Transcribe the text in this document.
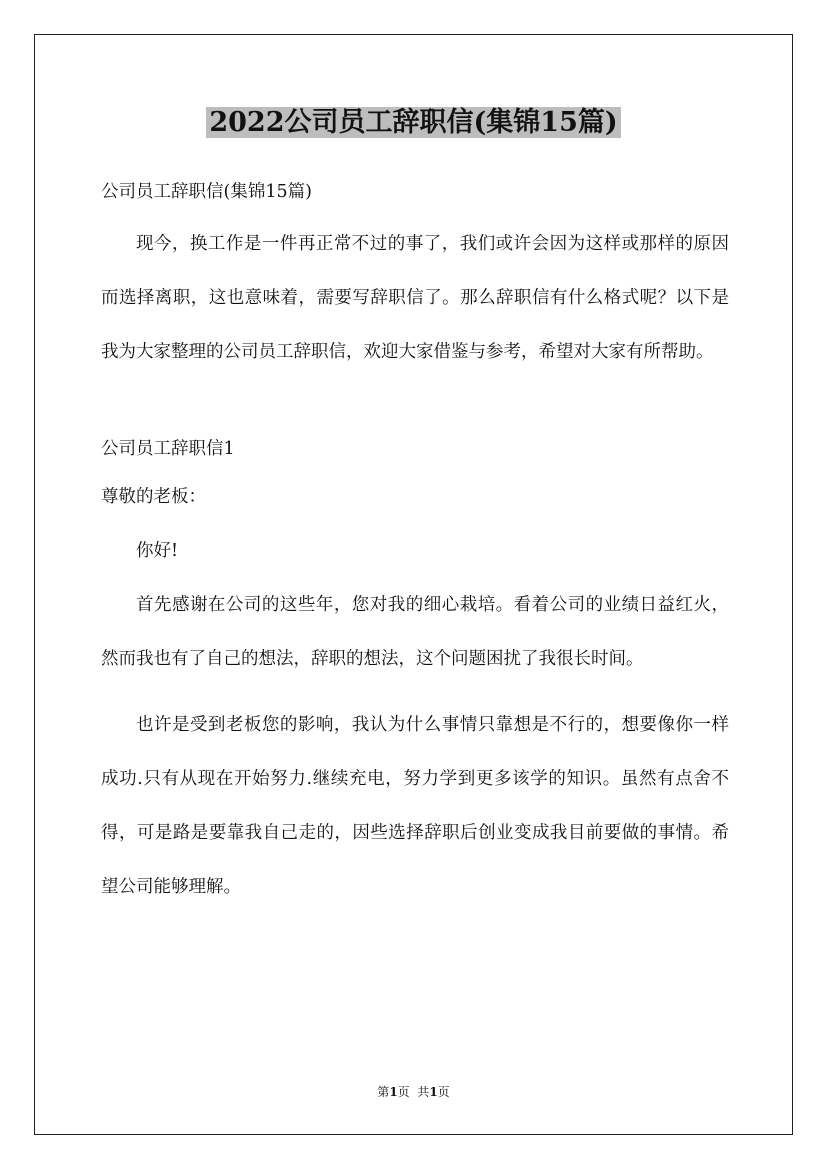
2022公司员工辞职信(集锦15篇)
公司员工辞职信(集锦15篇)
现今，换工作是一件再正常不过的事了，我们或许会因为这样或那样的原因而选择离职，这也意味着，需要写辞职信了。那么辞职信有什么格式呢？以下是我为大家整理的公司员工辞职信，欢迎大家借鉴与参考，希望对大家有所帮助。
公司员工辞职信1
尊敬的老板：
你好!
首先感谢在公司的这些年，您对我的细心栽培。看着公司的业绩日益红火，然而我也有了自己的想法，辞职的想法，这个问题困扰了我很长时间。
也许是受到老板您的影响，我认为什么事情只靠想是不行的，想要像你一样成功.只有从现在开始努力.继续充电，努力学到更多该学的知识。虽然有点舍不得，可是路是要靠我自己走的，因些选择辞职后创业变成我目前要做的事情。希望公司能够理解。
第1页  共1页
